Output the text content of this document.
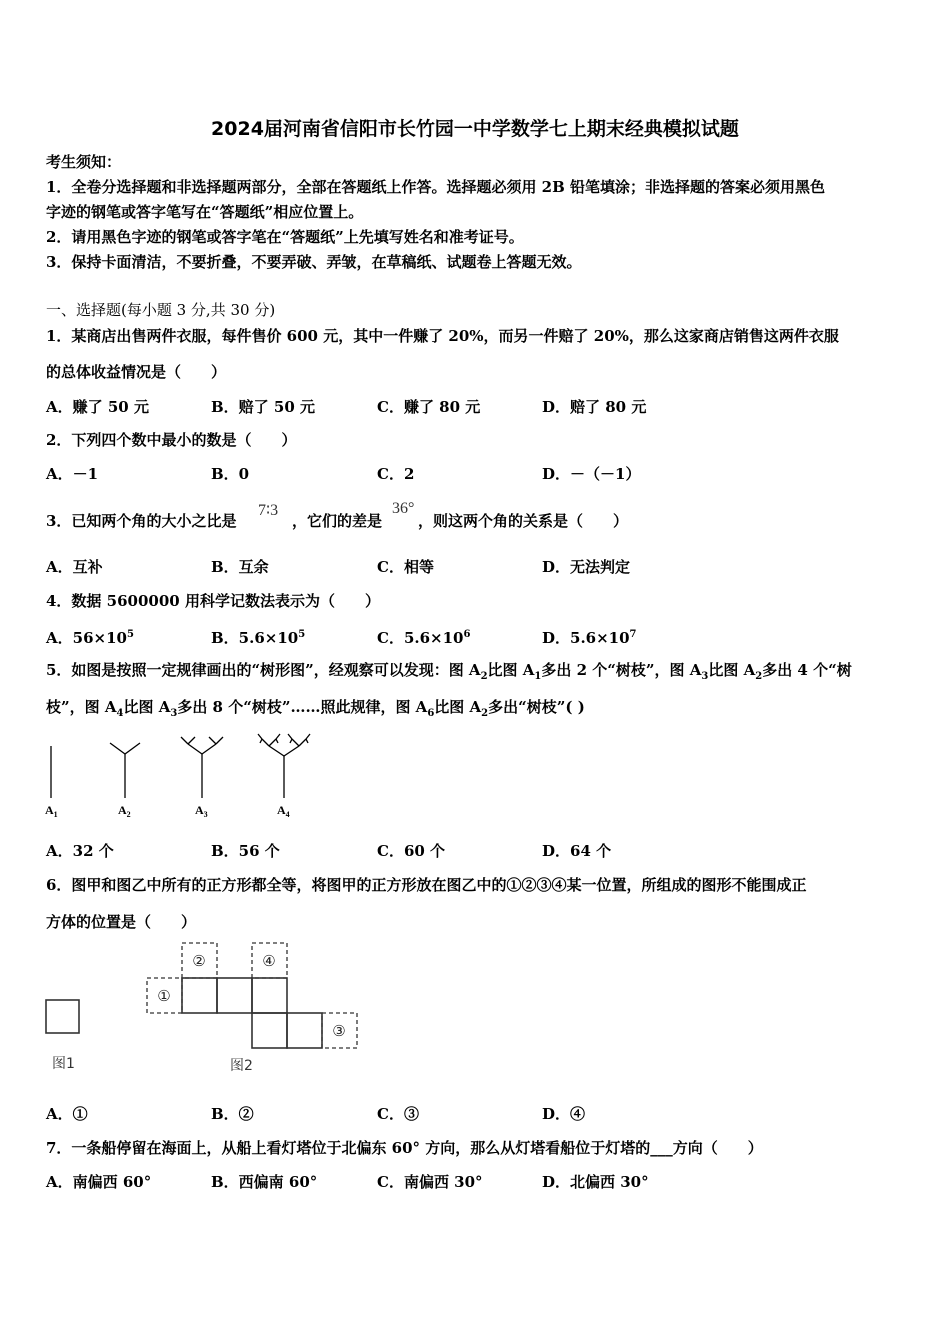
2024届河南省信阳市长竹园一中学数学七上期末经典模拟试题
考生须知：
1．全卷分选择题和非选择题两部分，全部在答题纸上作答。选择题必须用 2B 铅笔填涂；非选择题的答案必须用黑色
字迹的钢笔或答字笔写在“答题纸”相应位置上。
2．请用黑色字迹的钢笔或答字笔在“答题纸”上先填写姓名和准考证号。
3．保持卡面清洁，不要折叠，不要弄破、弄皱，在草稿纸、试题卷上答题无效。
一、选择题(每小题 3 分,共 30 分)
1．某商店出售两件衣服，每件售价 600 元，其中一件赚了 20%，而另一件赔了 20%，那么这家商店销售这两件衣服
的总体收益情况是（　　）
A．赚了 50 元	B．赔了 50 元	C．赚了 80 元	D．赔了 80 元
2．下列四个数中最小的数是（　　）
A．－1	B．0	C．2	D．－（－1）
3．已知两个角的大小之比是
7∶3
，它们的差是
36°
，则这两个角的关系是（　　）
A．互补	B．互余	C．相等	D．无法判定
4．数据 5600000 用科学记数法表示为（　　）
A．$56\times 10^5$	B．$5.6\times 10^5$	C．$5.6\times 10^6$	D．$5.6\times 10^7$
5．如图是按照一定规律画出的“树形图”，经观察可以发现：图 $A_2$比图 $A_1$多出 2 个“树枝”，图 $A_3$比图 $A_2$多出 4 个“树
枝”，图 $A_4$比图 $A_3$多出 8 个“树枝”……照此规律，图 $A_6$比图 $A_2$多出“树枝”( )
$A_1$	$A_2$	$A_3$	$A_4$
A．32 个	B．56 个	C．60 个	D．64 个
6．图甲和图乙中所有的正方形都全等，将图甲的正方形放在图乙中的①②③④某一位置，所组成的图形不能围成正
方体的位置是（　　）
①
②
③
④
图1	图2
A．①	B．②	C．③	D．④
7．一条船停留在海面上，从船上看灯塔位于北偏东 60° 方向，那么从灯塔看船位于灯塔的___方向（　　）
A．南偏西 60°	B．西偏南 60°	C．南偏西 30°	D．北偏西 30°
